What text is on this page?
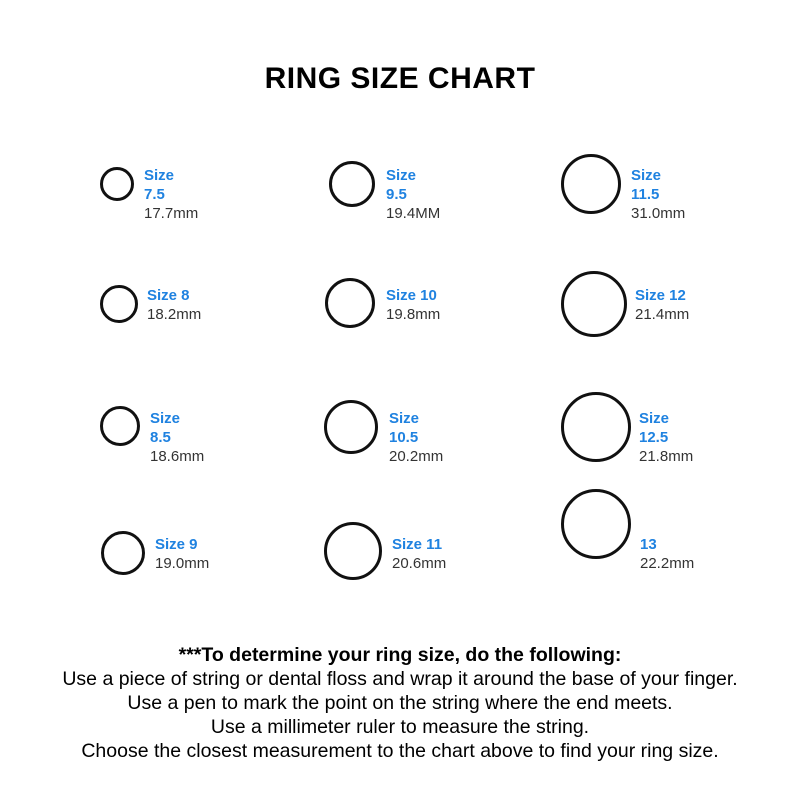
RING SIZE CHART
Size 7.5
17.7mm
Size 9.5
19.4MM
Size 11.5
31.0mm
Size 8
18.2mm
Size 10
19.8mm
Size 12
21.4mm
Size 8.5
18.6mm
Size 10.5
20.2mm
Size 12.5
21.8mm
Size 9
19.0mm
Size 11
20.6mm
13
22.2mm
***To determine your ring size, do the following:
Use a piece of string or dental floss and wrap it around the base of your finger.
Use a pen to mark the point on the string where the end meets.
Use a millimeter ruler to measure the string.
Choose the closest measurement to the chart above to find your ring size.
